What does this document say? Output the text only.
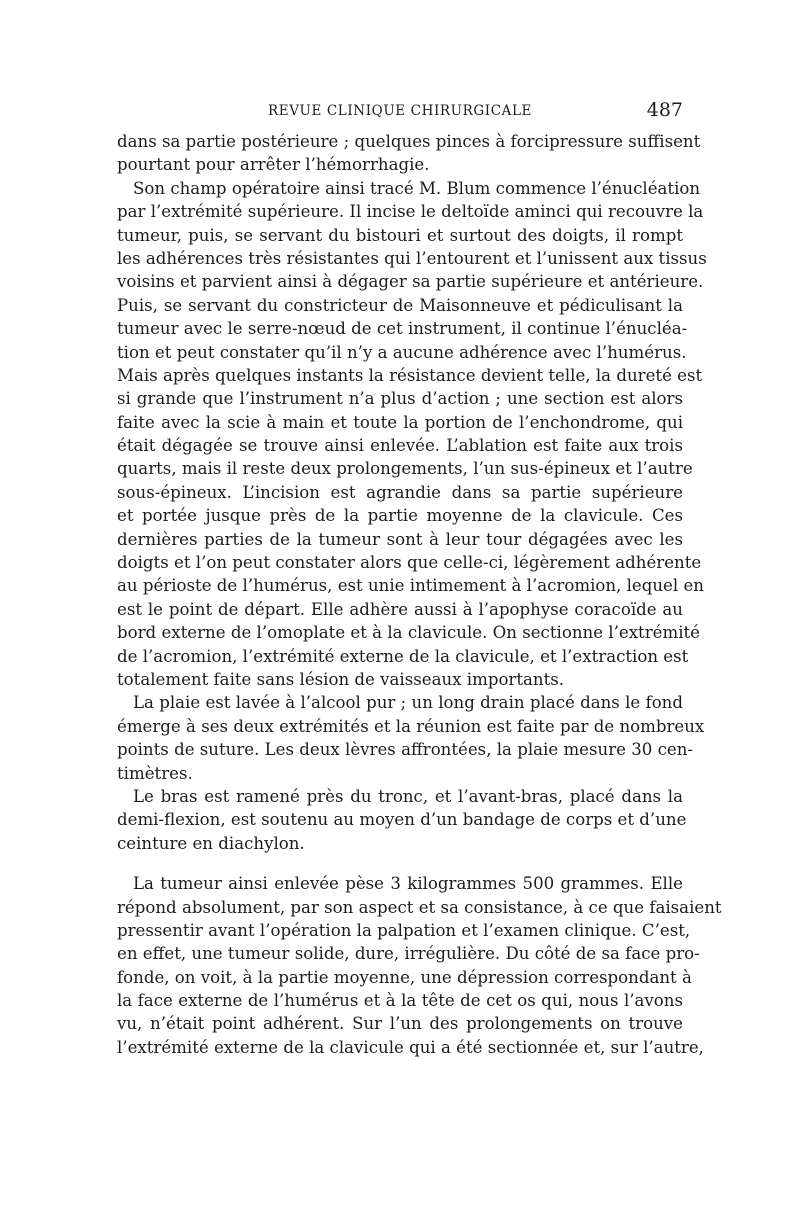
REVUE CLINIQUE CHIRURGICALE	487
dans sa partie postérieure ; quelques pinces à forcipressure suffisent
pourtant pour arrêter l’hémorrhagie.
Son champ opératoire ainsi tracé M. Blum commence l’énucléation
par l’extrémité supérieure. Il incise le deltoïde aminci qui recouvre la
tumeur, puis, se servant du bistouri et surtout des doigts, il rompt
les adhérences très résistantes qui l’entourent et l’unissent aux tissus
voisins et parvient ainsi à dégager sa partie supérieure et antérieure.
Puis, se servant du constricteur de Maisonneuve et pédiculisant la
tumeur avec le serre-nœud de cet instrument, il continue l’énucléa-
tion et peut constater qu’il n’y a aucune adhérence avec l’humérus.
Mais après quelques instants la résistance devient telle, la dureté est
si grande que l’instrument n’a plus d’action ; une section est alors
faite avec la scie à main et toute la portion de l’enchondrome, qui
était dégagée se trouve ainsi enlevée. L’ablation est faite aux trois
quarts, mais il reste deux prolongements, l’un sus-épineux et l’autre
sous-épineux. L’incision est agrandie dans sa partie supérieure
et portée jusque près de la partie moyenne de la clavicule. Ces
dernières parties de la tumeur sont à leur tour dégagées avec les
doigts et l’on peut constater alors que celle-ci, légèrement adhérente
au périoste de l’humérus, est unie intimement à l’acromion, lequel en
est le point de départ. Elle adhère aussi à l’apophyse coracoïde au
bord externe de l’omoplate et à la clavicule. On sectionne l’extrémité
de l’acromion, l’extrémité externe de la clavicule, et l’extraction est
totalement faite sans lésion de vaisseaux importants.
La plaie est lavée à l’alcool pur ; un long drain placé dans le fond
émerge à ses deux extrémités et la réunion est faite par de nombreux
points de suture. Les deux lèvres affrontées, la plaie mesure 30 cen-
timètres.
Le bras est ramené près du tronc, et l’avant-bras, placé dans la
demi-flexion, est soutenu au moyen d’un bandage de corps et d’une
ceinture en diachylon.
La tumeur ainsi enlevée pèse 3 kilogrammes 500 grammes. Elle
répond absolument, par son aspect et sa consistance, à ce que faisaient
pressentir avant l’opération la palpation et l’examen clinique. C’est,
en effet, une tumeur solide, dure, irrégulière. Du côté de sa face pro-
fonde, on voit, à la partie moyenne, une dépression correspondant à
la face externe de l’humérus et à la tête de cet os qui, nous l’avons
vu, n’était point adhérent. Sur l’un des prolongements on trouve
l’extrémité externe de la clavicule qui a été sectionnée et, sur l’autre,
